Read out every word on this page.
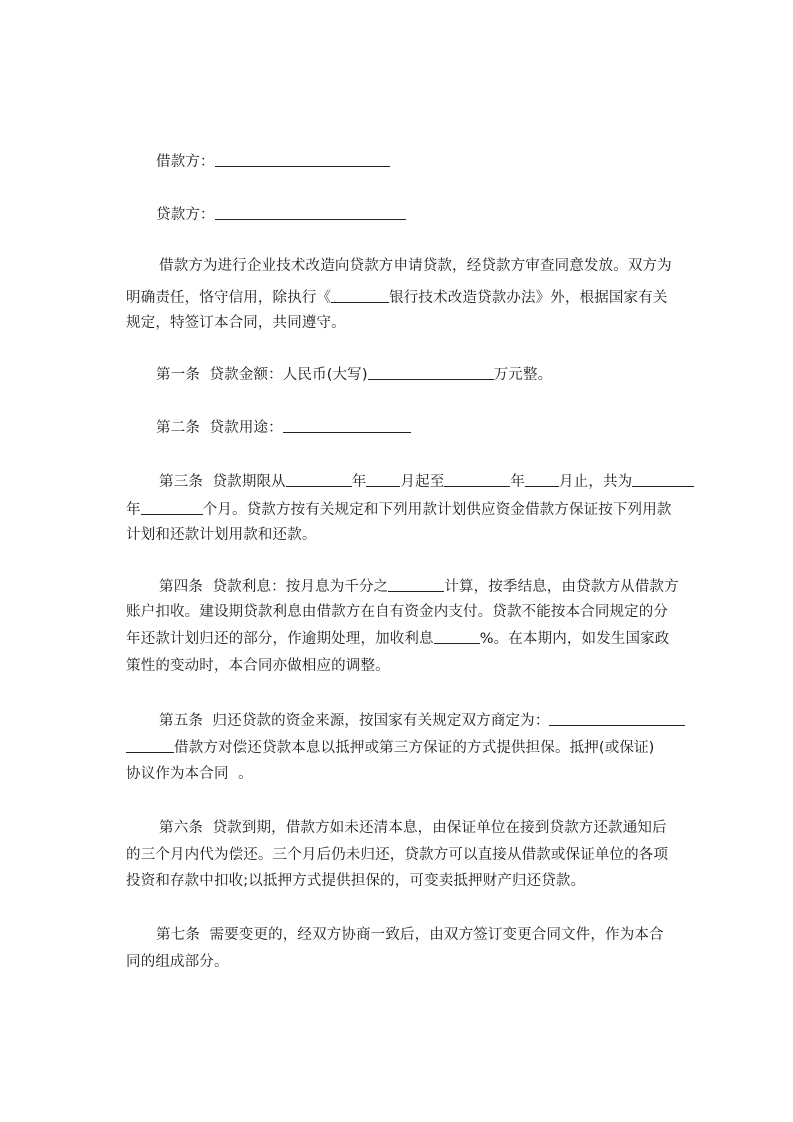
借款方：

贷款方：

借款方为进行企业技术改造向贷款方申请贷款，经贷款方审查同意发放。双方为

明确责任，恪守信用，除执行《	银行技术改造贷款办法》外，根据国家有关

规定，特签订本合同，共同遵守。

第一条  贷款金额：人民币(大写)	万元整。

第二条  贷款用途：

第三条  贷款期限从	年 月起至	年 月止，共为

年	个月。贷款方按有关规定和下列用款计划供应资金借款方保证按下列用款

计划和还款计划用款和还款。

第四条  贷款利息：按月息为千分之	计算，按季结息，由贷款方从借款方

账户扣收。建设期贷款利息由借款方在自有资金内支付。贷款不能按本合同规定的分

年还款计划归还的部分，作逾期处理，加收利息	%。在本期内，如发生国家政

策性的变动时，本合同亦做相应的调整。

第五条  归还贷款的资金来源，按国家有关规定双方商定为：

借款方对偿还贷款本息以抵押或第三方保证的方式提供担保。抵押(或保证)

协议作为本合同  。

第六条  贷款到期，借款方如未还清本息，由保证单位在接到贷款方还款通知后

的三个月内代为偿还。三个月后仍未归还，贷款方可以直接从借款或保证单位的各项

投资和存款中扣收;以抵押方式提供担保的，可变卖抵押财产归还贷款。

第七条  需要变更的，经双方协商一致后，由双方签订变更合同文件，作为本合

同的组成部分。
